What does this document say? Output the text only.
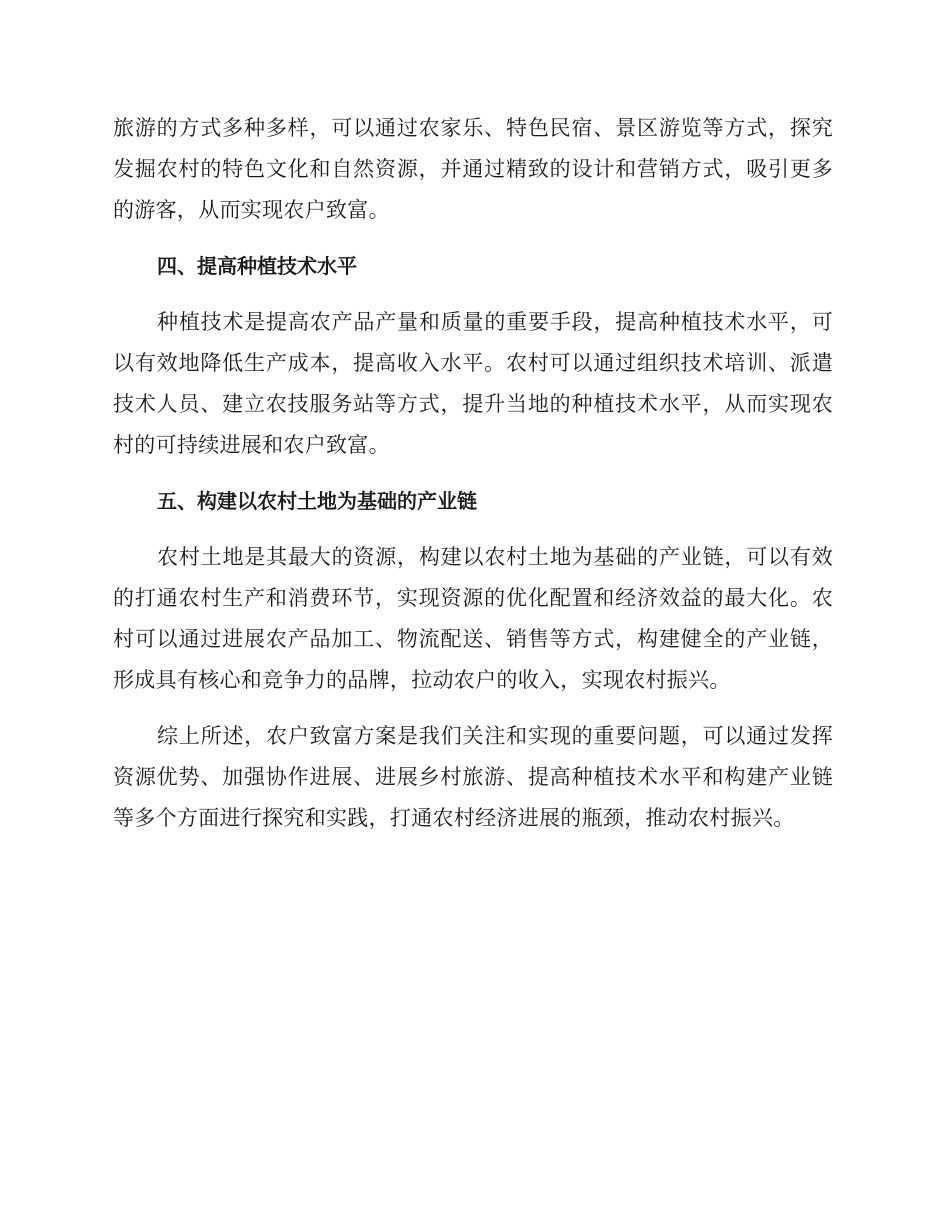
旅游的方式多种多样，可以通过农家乐、特色民宿、景区游览等方式，探究发掘农村的特色文化和自然资源，并通过精致的设计和营销方式，吸引更多的游客，从而实现农户致富。

四、提高种植技术水平

种植技术是提高农产品产量和质量的重要手段，提高种植技术水平，可以有效地降低生产成本，提高收入水平。农村可以通过组织技术培训、派遣技术人员、建立农技服务站等方式，提升当地的种植技术水平，从而实现农村的可持续进展和农户致富。

五、构建以农村土地为基础的产业链

农村土地是其最大的资源，构建以农村土地为基础的产业链，可以有效的打通农村生产和消费环节，实现资源的优化配置和经济效益的最大化。农村可以通过进展农产品加工、物流配送、销售等方式，构建健全的产业链，形成具有核心和竞争力的品牌，拉动农户的收入，实现农村振兴。

综上所述，农户致富方案是我们关注和实现的重要问题，可以通过发挥资源优势、加强协作进展、进展乡村旅游、提高种植技术水平和构建产业链等多个方面进行探究和实践，打通农村经济进展的瓶颈，推动农村振兴。
